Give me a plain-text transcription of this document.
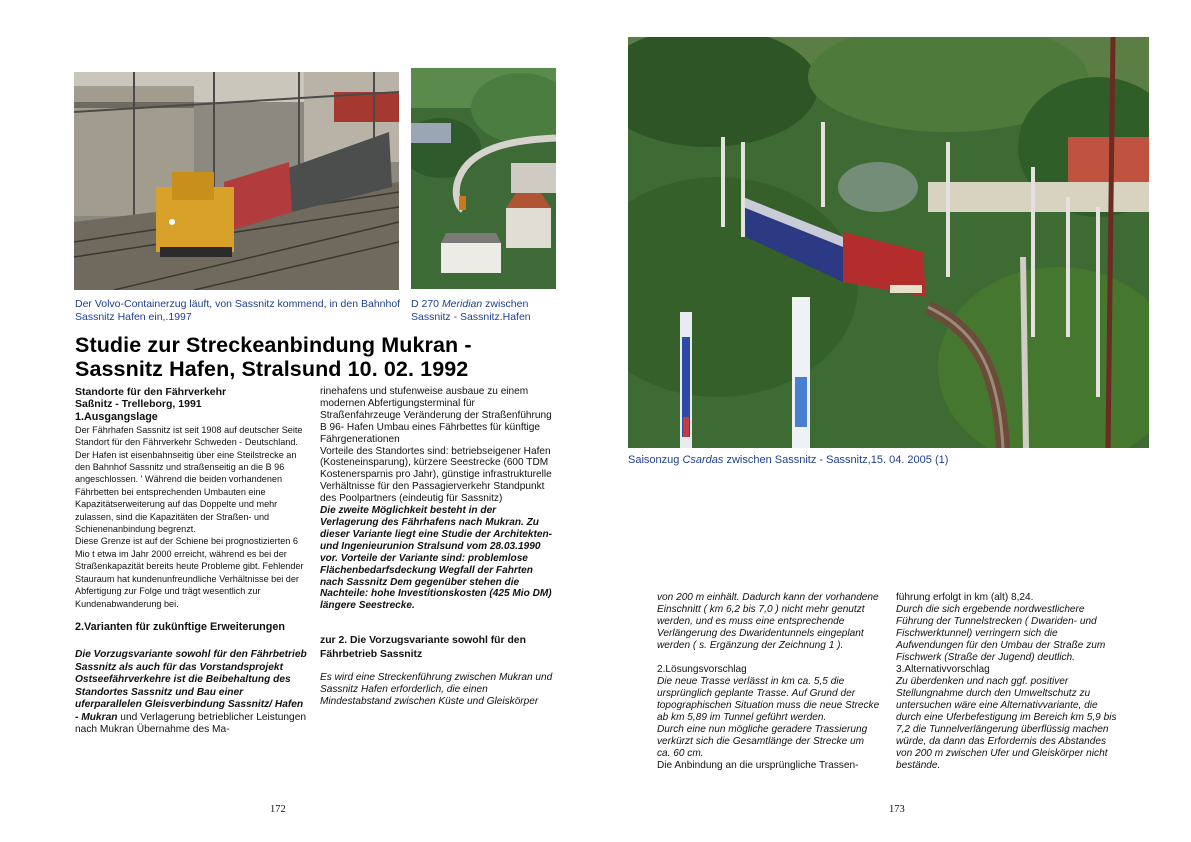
Der Volvo-Containerzug läuft, von Sassnitz kommend, in den Bahnhof Sassnitz Hafen ein,.1997
D 270 Meridian zwischen Sassnitz - Sassnitz.Hafen
Studie zur Streckeanbindung Mukran -
Sassnitz Hafen, Stralsund 10. 02. 1992
Standorte für den Fährverkehr
Saßnitz - Trelleborg, 1991
1.Ausgangslage

Der Fährhafen Sassnitz ist seit 1908 auf deutscher Seite Standort für den Fährverkehr Schweden - Deutschland. Der Hafen ist eisenbahnseitig über eine Steilstrecke an den Bahnhof Sassnitz und straßenseitig an die B 96 angeschlossen. ' Während die beiden vorhandenen Fährbetten bei entsprechenden Umbauten eine Kapazitätserweiterung auf das Doppelte und mehr zulassen, sind die Kapazitäten der Straßen- und Schienenanbindung begrenzt.

Diese Grenze ist auf der Schiene bei prognostizierten 6 Mio t etwa im Jahr 2000 erreicht, während es bei der Straßenkapazität bereits heute Probleme gibt. Fehlender Stauraum hat kundenunfreundliche Verhältnisse bei der Abfertigung zur Folge und trägt wesentlich zur Kundenabwanderung bei.

2.Varianten für zukünftige Erweiterungen

Die Vorzugsvariante sowohl für den Fährbetrieb Sassnitz als auch für das Vorstandsprojekt Ostseefährverkehre ist die Beibehaltung des Standortes Sassnitz und Bau einer uferparallelen Gleisverbindung Sassnitz/ Hafen - Mukran und Verlagerung betrieblicher Leistungen nach Mukran Übernahme des Ma-

rinehafens und stufenweise ausbaue zu einem modernen Abfertigungsterminal für Straßenfahrzeuge Veränderung der Straßenführung B 96- Hafen Umbau eines Fährbettes für künftige Fährgenerationen

Vorteile des Standortes sind: betriebseigener Hafen (Kosteneinsparung), kürzere Seestrecke (600 TDM Kostenersparnis pro Jahr), günstige infrastrukturelle Verhältnisse für den Passagierverkehr Standpunkt des Poolpartners (eindeutig für Sassnitz)

Die zweite Möglichkeit besteht in der Verlagerung des Fährhafens nach Mukran. Zu dieser Variante liegt eine Studie der Architekten- und Ingenieurunion Stralsund vom 28.03.1990 vor. Vorteile der Variante sind: problemlose Flächenbedarfsdeckung Wegfall der Fahrten nach Sassnitz Dem gegenüber stehen die Nachteile: hohe Investitionskosten (425 Mio DM) längere Seestrecke.

zur 2. Die Vorzugsvariante sowohl für den Fährbetrieb Sassnitz

Es wird eine Streckenführung zwischen Mukran und Sassnitz Hafen erforderlich, die einen Mindestabstand zwischen Küste und Gleiskörper

172
Saisonzug Csardas zwischen Sassnitz - Sassnitz,15. 04. 2005 (1)

von 200 m einhält. Dadurch kann der vorhandene Einschnitt ( km 6,2 bis 7,0 ) nicht mehr genutzt werden, und es muss eine entsprechende Verlängerung des Dwaridentunnels eingeplant werden ( s. Ergänzung der Zeichnung 1 ).

2.Lösungsvorschlag

Die neue Trasse verlässt in km ca. 5,5 die ursprünglich geplante Trasse. Auf Grund der topographischen Situation muss die neue Strecke ab km 5,89 im Tunnel geführt werden.

Durch eine nun mögliche geradere Trassierung verkürzt sich die Gesamtlänge der Strecke um ca. 60 cm.

Die Anbindung an die ursprüngliche Trassen-

führung erfolgt in km (alt) 8,24.

Durch die sich ergebende nordwestlichere Führung der Tunnelstrecken ( Dwariden- und Fischwerktunnel) verringern sich die Aufwendungen für den Umbau der Straße zum Fischwerk (Straße der Jugend) deutlich.

3.Alternativvorschlag

Zu überdenken und nach ggf. positiver Stellungnahme durch den Umweltschutz zu untersuchen wäre eine Alternativvariante, die durch eine Uferbefestigung im Bereich km 5,9 bis 7,2 die Tunnelverlängerung überflüssig machen würde, da dann das Erfordernis des Abstandes von 200 m zwischen Ufer und Gleiskörper nicht bestände.

173
